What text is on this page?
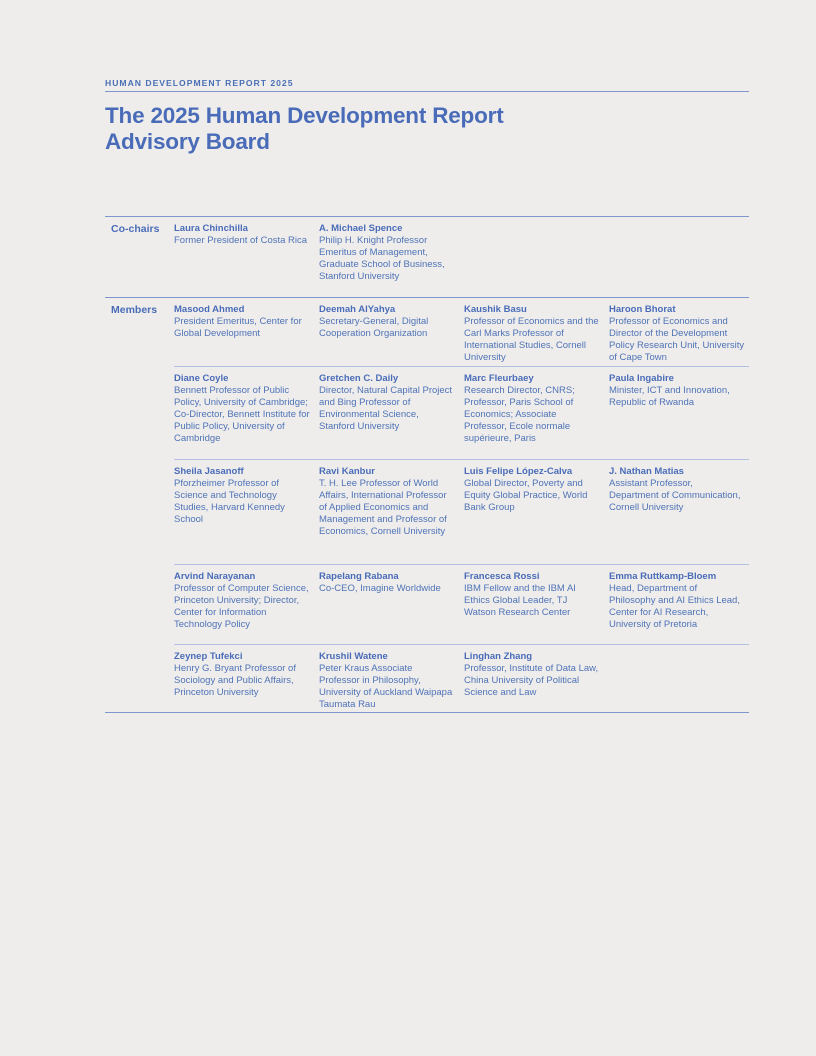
HUMAN DEVELOPMENT REPORT 2025
The 2025 Human Development Report
Advisory Board
Co-chairs Laura Chinchilla
Former President of Costa Rica
A. Michael Spence
Philip H. Knight Professor Emeritus of Management, Graduate School of Business, Stanford University
Members Masood Ahmed
President Emeritus, Center for Global Development
Deemah AlYahya
Secretary-General, Digital Cooperation Organization
Kaushik Basu
Professor of Economics and the Carl Marks Professor of International Studies, Cornell University
Haroon Bhorat
Professor of Economics and Director of the Development Policy Research Unit, University of Cape Town
Diane Coyle
Bennett Professor of Public Policy, University of Cambridge; Co-Director, Bennett Institute for Public Policy, University of Cambridge
Gretchen C. Daily
Director, Natural Capital Project and Bing Professor of Environmental Science, Stanford University
Marc Fleurbaey
Research Director, CNRS; Professor, Paris School of Economics; Associate Professor, Ecole normale supérieure, Paris
Paula Ingabire
Minister, ICT and Innovation, Republic of Rwanda
Sheila Jasanoff
Pforzheimer Professor of Science and Technology Studies, Harvard Kennedy School
Ravi Kanbur
T. H. Lee Professor of World Affairs, International Professor of Applied Economics and Management and Professor of Economics, Cornell University
Luis Felipe López-Calva
Global Director, Poverty and Equity Global Practice, World Bank Group
J. Nathan Matias
Assistant Professor, Department of Communication, Cornell University
Arvind Narayanan
Professor of Computer Science, Princeton University; Director, Center for Information Technology Policy
Rapelang Rabana
Co-CEO, Imagine Worldwide
Francesca Rossi
IBM Fellow and the IBM AI Ethics Global Leader, TJ Watson Research Center
Emma Ruttkamp-Bloem
Head, Department of Philosophy and AI Ethics Lead, Center for AI Research, University of Pretoria
Zeynep Tufekci
Henry G. Bryant Professor of Sociology and Public Affairs, Princeton University
Krushil Watene
Peter Kraus Associate Professor in Philosophy, University of Auckland Waipapa Taumata Rau
Linghan Zhang
Professor, Institute of Data Law, China University of Political Science and Law
